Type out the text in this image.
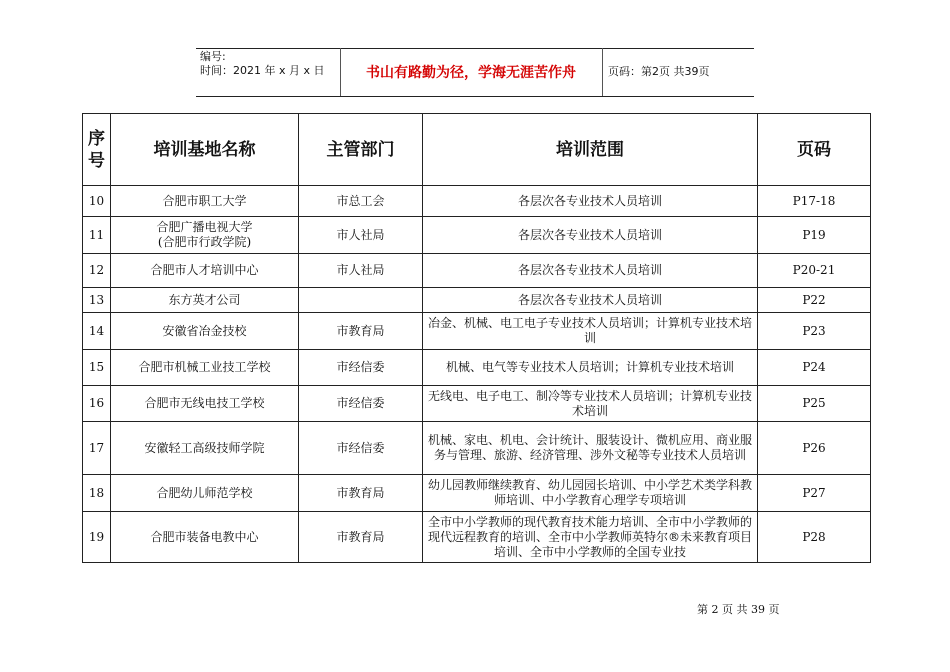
编号:
时间：2021 年 x 月 x 日	书山有路勤为径，学海无涯苦作舟	页码：第2页 共39页
序号	培训基地名称	主管部门	培训范围	页码
10	合肥市职工大学	市总工会	各层次各专业技术人员培训	P17-18
11	合肥广播电视大学
(合肥市行政学院)	市人社局	各层次各专业技术人员培训	P19
12	合肥市人才培训中心	市人社局	各层次各专业技术人员培训	P20-21
13	东方英才公司		各层次各专业技术人员培训	P22
14	安徽省冶金技校	市教育局	冶金、机械、电工电子专业技术人员培训；计算机专业技术培训	P23
15	合肥市机械工业技工学校	市经信委	机械、电气等专业技术人员培训；计算机专业技术培训	P24
16	合肥市无线电技工学校	市经信委	无线电、电子电工、制冷等专业技术人员培训；计算机专业技术培训	P25
17	安徽轻工高级技师学院	市经信委	机械、家电、机电、会计统计、服装设计、微机应用、商业服务与管理、旅游、经济管理、涉外文秘等专业技术人员培训	P26
18	合肥幼儿师范学校	市教育局	幼儿园教师继续教育、幼儿园园长培训、中小学艺术类学科教师培训、中小学教育心理学专项培训	P27
19	合肥市装备电教中心	市教育局	全市中小学教师的现代教育技术能力培训、全市中小学教师的现代远程教育的培训、全市中小学教师英特尔®未来教育项目培训、全市中小学教师的全国专业技	P28
第 2 页 共 39 页
